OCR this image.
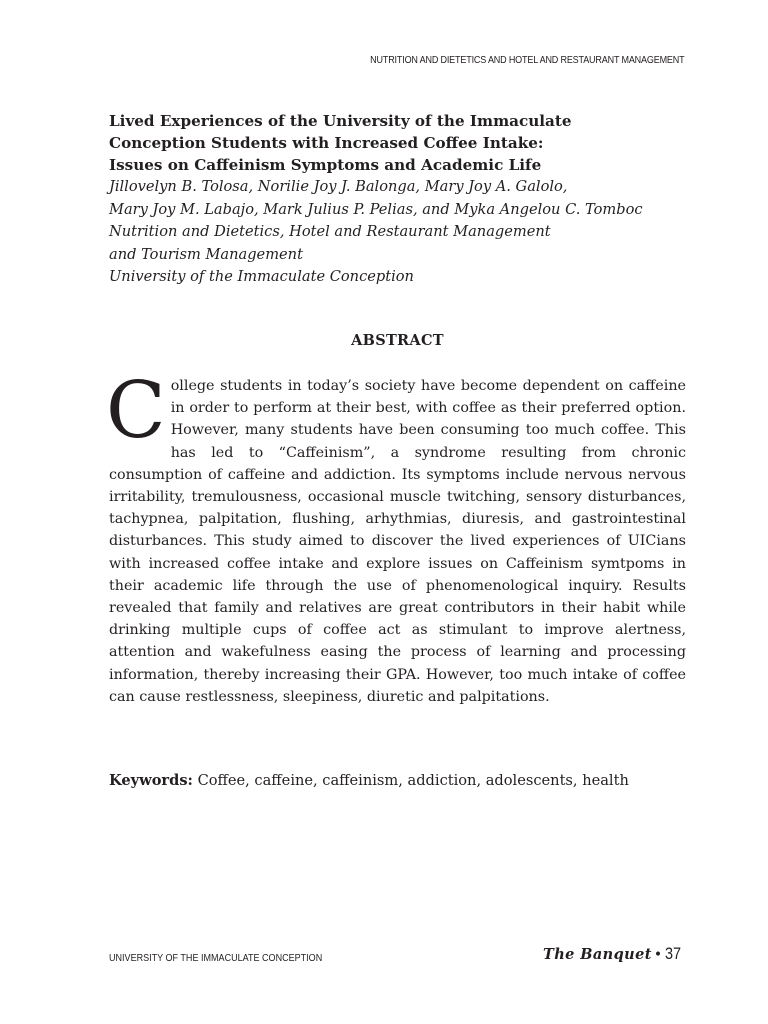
NUTRITION AND DIETETICS AND HOTEL AND RESTAURANT MANAGEMENT
Lived Experiences of the University of the Immaculate
Conception Students with Increased Coffee Intake:
Issues on Caffeinism Symptoms and Academic Life
Jillovelyn B. Tolosa, Norilie Joy J. Balonga, Mary Joy A. Galolo,
Mary Joy M. Labajo, Mark Julius P. Pelias, and Myka Angelou C. Tomboc
Nutrition and Dietetics, Hotel and Restaurant Management
and Tourism Management
University of the Immaculate Conception
ABSTRACT

College students in today’s society have become dependent on caffeine in order to perform at their best, with coffee as their preferred option. However, many students have been consuming too much coffee. This has led to “Caffeinism”, a syndrome resulting from chronic consumption of caffeine and addiction. Its symptoms include nervous nervous irritability, tremulousness, occasional muscle twitching, sensory disturbances, tachypnea, palpitation, flushing, arhythmias, diuresis, and gastrointestinal disturbances. This study aimed to discover the lived experiences of UICians with increased coffee intake and explore issues on Caffeinism symtpoms in their academic life through the use of phenomenological inquiry. Results revealed that family and relatives are great contributors in their habit while drinking multiple cups of coffee act as stimulant to improve alertness, attention and wakefulness easing the process of learning and processing information, thereby increasing their GPA. However, too much intake of coffee can cause restlessness, sleepiness, diuretic and palpitations.

Keywords: Coffee, caffeine, caffeinism, addiction, adolescents, health
UNIVERSITY OF THE IMMACULATE CONCEPTION	The Banquet • 37
